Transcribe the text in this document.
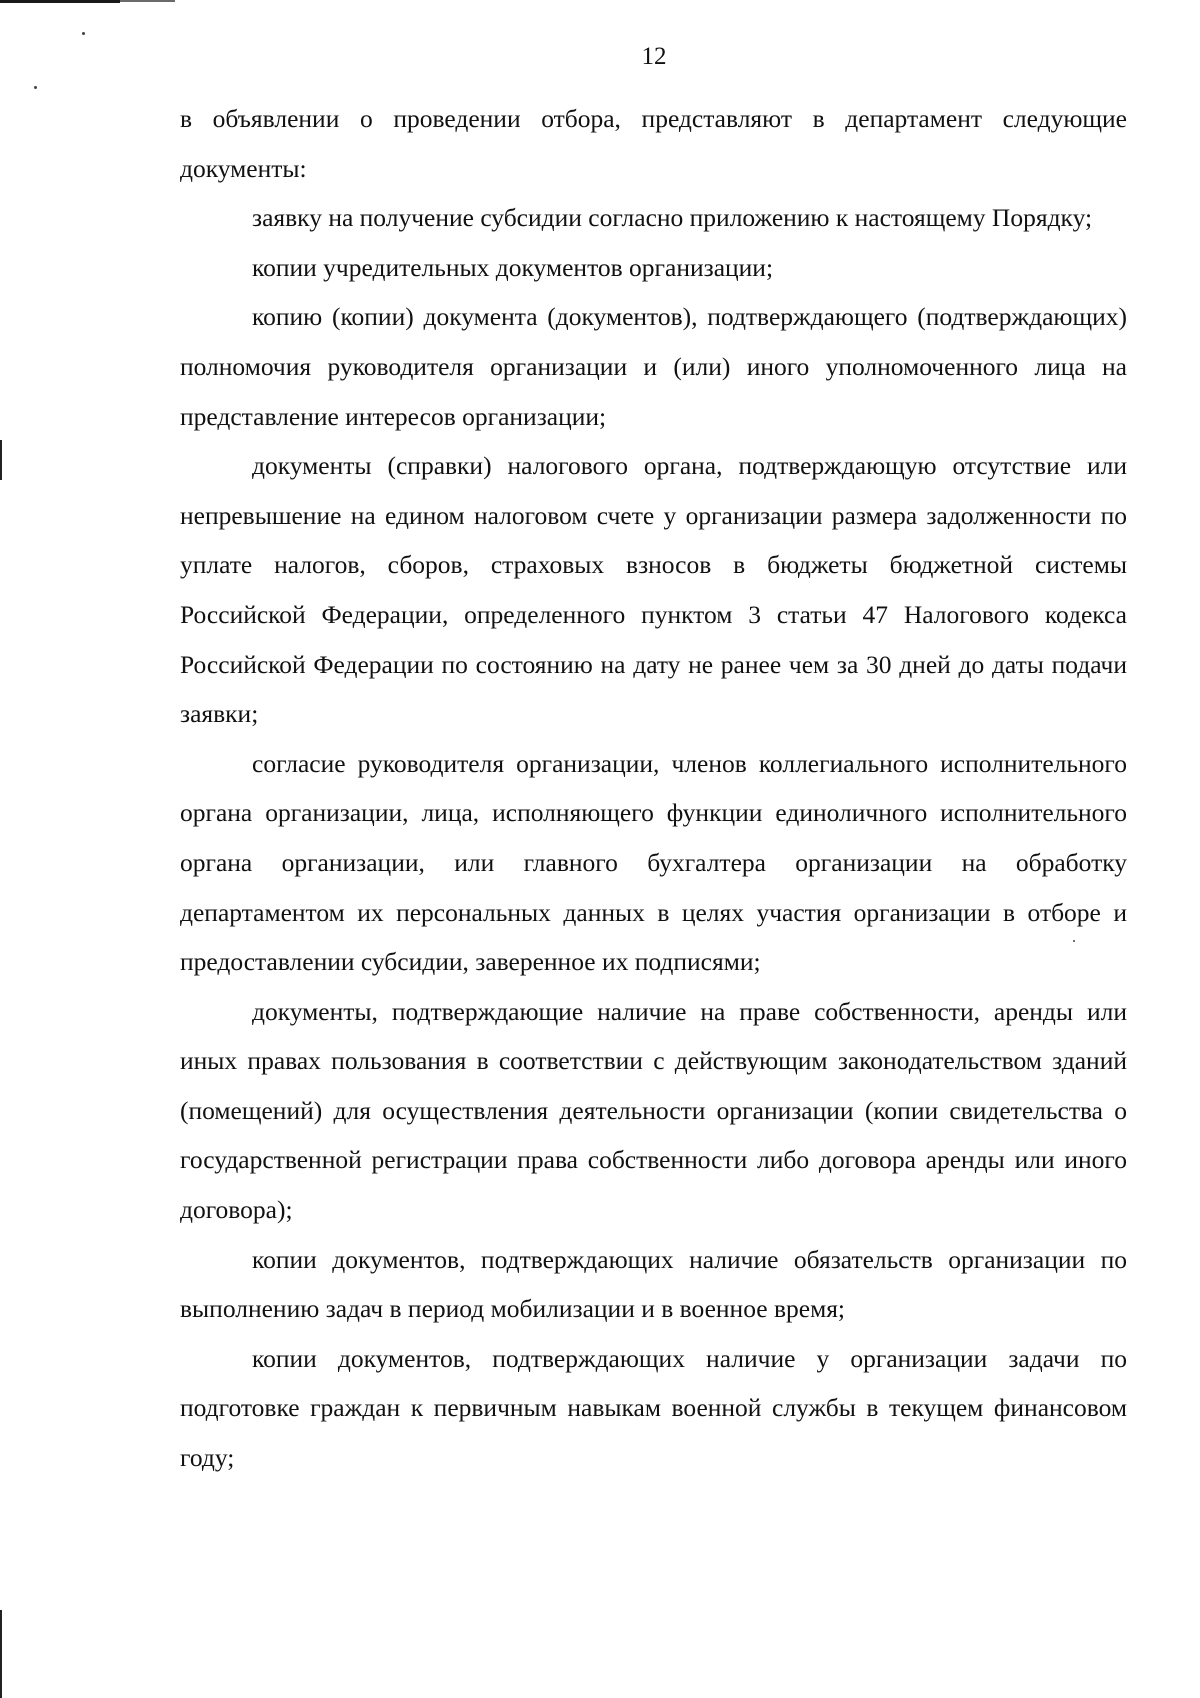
12

в объявлении о проведении отбора, представляют в департамент следующие документы:

заявку на получение субсидии согласно приложению к настоящему Порядку;

копии учредительных документов организации;

копию (копии) документа (документов), подтверждающего (подтверждающих) полномочия руководителя организации и (или) иного уполномоченного лица на представление интересов организации;

документы (справки) налогового органа, подтверждающую отсутствие или непревышение на едином налоговом счете у организации размера задолженности по уплате налогов, сборов, страховых взносов в бюджеты бюджетной системы Российской Федерации, определенного пунктом 3 статьи 47 Налогового кодекса Российской Федерации по состоянию на дату не ранее чем за 30 дней до даты подачи заявки;

согласие руководителя организации, членов коллегиального исполнительного органа организации, лица, исполняющего функции единоличного исполнительного органа организации, или главного бухгалтера организации на обработку департаментом их персональных данных в целях участия организации в отборе и предоставлении субсидии, заверенное их подписями;

документы, подтверждающие наличие на праве собственности, аренды или иных правах пользования в соответствии с действующим законодательством зданий (помещений) для осуществления деятельности организации (копии свидетельства о государственной регистрации права собственности либо договора аренды или иного договора);

копии документов, подтверждающих наличие обязательств организации по выполнению задач в период мобилизации и в военное время;

копии документов, подтверждающих наличие у организации задачи по подготовке граждан к первичным навыкам военной службы в текущем финансовом году;
